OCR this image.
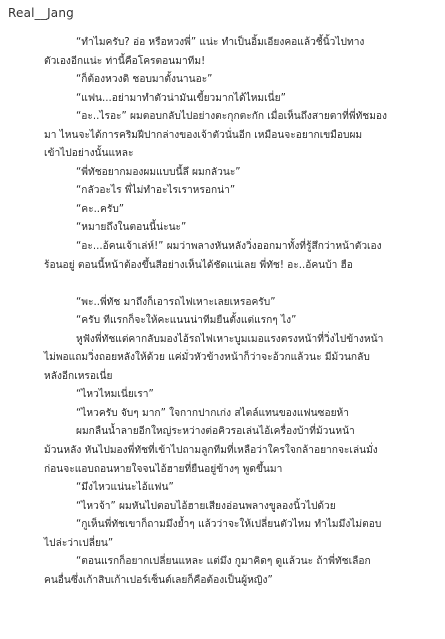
Real__Jang
“ทำไมครับ? อ่อ หรือหวงพี่” แน่ะ ทำเป็นอิ้มเอียงคอแล้วชี้นิ้วไปทาง
ตัวเองอีกแน่ะ ท่านี้คือโครตอนมาทีม!
“ก็ต้องหวงดิ ชอบมาตั้งนานอะ”
“แฟน...อย่ามาทำตัวน่ามันเขี้ยวมากได้ไหมเนี่ย”
“อะ..ไรอะ” ผมตอบกลับไปอย่างตะกุกตะกัก เมื่อเห็นถึงสายตาที่พี่ทัชมอง
มา ไหนจะได้การคริมฝีปากล่างของเจ้าตัวนั่นอีก เหมือนจะอยากเขมือบผม
เข้าไปอย่างนั้นแหละ
“พี่ทัชอยากมองผมแบบนี้ลึ ผมกลัวนะ”
“กลัวอะไร พี่ไม่ทำอะไรเราหรอกน่า”
“คะ..ครับ”
“หมายถึงในตอนนี้น่ะนะ”
“อะ...อ้คนเจ้าเล่ห์!” ผมว่าพลางหันหลังวิ่งออกมาทั้งที่รู้สึกว่าหน้าตัวเอง
ร้อนอยู่ ตอนนี้หน้าต้องขึ้นสีอย่างเห็นได้ชัดแน่เลย พี่ทัช! อะ..อ้คนบ้า ฮือ
“พะ..พี่ทัช มาถึงก็เอารถไฟเหาะเลยเหรอครับ”
“ครับ ทีแรกก็จะให้คะแนนน่าทีมยืนตั้งแต่แรกๆ ไง”
หูฟังพี่ทัชแต่คากลับมองไอ้รถไฟเหาะบูมเมอแรงตรงหน้าที่วิ่งไปข้างหน้า
ไม่พอแถมวิ่งถอยหลังให้ด้วย แค่มั่วหัวข้างหน้าก็ว่าจะอ้วกแล้วนะ มีม้วนกลับ
หลังอีกเหรอเนี่ย
“ไหวไหมเนี่ยเรา”
“ไหวครับ จับๆ มาก” ใจกากปากเก่ง สไตล์แทนของแฟนซอยห้า
ผมกลืนน้ำลายอีกใหญ่ระหว่างต่อคิวรอเล่นไอ้เครื่องบ้าที่ม้วนหน้า
ม้วนหลัง หันไปมองพี่ทัชที่เข้าไปถามลูกทีมที่เหลือว่าใครใจกล้าอยากจะเล่นมั่ง
ก่อนจะแอบถอนหายใจจนไอ้ฮายที่ยืนอยู่ข้างๆ พูดขึ้นมา
“มึงไหวแน่นะไอ้แฟน”
“ไหวจ้า” ผมหันไปตอบไอ้ฮายเสียงอ่อนพลางขูลองนิ้วไปด้วย
“กูเห็นพี่ทัชเขาก็ถามมึงย้ำๆ แล้วว่าจะให้เปลี่ยนตัวไหม ทำไมมึงไม่ตอบ
ไปล่ะว่าเปลี่ยน”
“ตอนแรกก็อยากเปลี่ยนแหละ แต่มึง กูมาคิดๆ ดูแล้วนะ ถ้าพี่ทัชเลือก
คนอื่นซึ่งเก้าสิบเก้าเปอร์เซ็นต์เลยก็คือต้องเป็นผู้หญิง”
